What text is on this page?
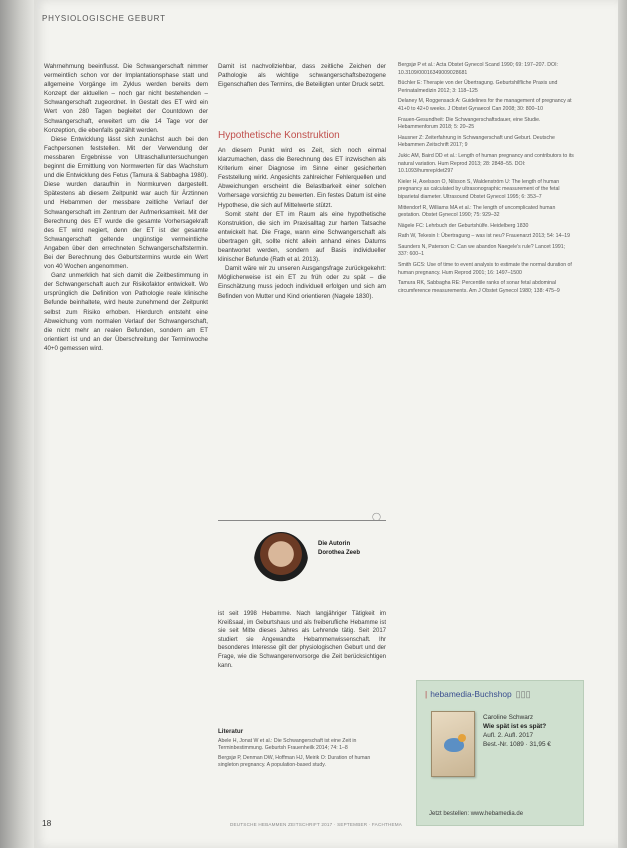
PHYSIOLOGISCHE GEBURT

Wahrnehmung beeinflusst. Die Schwangerschaft nimmer vermeintlich schon vor der Implantationsphase statt und allgemeine Vorgänge im Zyklus werden bereits dem Konzept der aktuellen – noch gar nicht bestehenden – Schwangerschaft zugeordnet. In Gestalt des ET wird ein Wert von 280 Tagen begleitet der Countdown der Schwangerschaft, erweitert um die 14 Tage vor der Konzeption, die ebenfalls gezählt werden.

Diese Entwicklung lässt sich zunächst auch bei den Fachpersonen feststellen. Mit der Verwendung der messbaren Ergebnisse von Ultraschalluntersuchungen beginnt die Ermittlung von Normwerten für das Wachstum und die Entwicklung des Fetus (Tamura & Sabbagha 1980). Diese wurden daraufhin in Normkurven dargestellt. Spätestens ab diesem Zeitpunkt war auch für Ärztinnen und Hebammen der messbare zeitliche Verlauf der Schwangerschaft im Zentrum der Aufmerksamkeit. Mit der Berechnung des ET wurde die gesamte Vorhersagekraft des ET wird negiert, denn der ET ist der gesamte Schwangerschaft geltende ungünstige vermeintliche Angaben über den errechneten Schwangerschaftstermin. Bei der Berechnung des Geburtstermins wurde ein Wert von 40 Wochen angenommen.

Ganz unmerklich hat sich damit die Zeitbestimmung in der Schwangerschaft auch zur Risikofaktor entwickelt. Wo ursprünglich die Definition von Pathologie reale klinische Befunde beinhaltete, wird heute zunehmend der Zeitpunkt selbst zum Risiko erhoben. Hierdurch entsteht eine Abweichung vom normalen Verlauf der Schwangerschaft, die nicht mehr an realen Befunden, sondern am ET orientiert ist und an der Überschreitung der Terminwoche 40+0 gemessen wird.

Damit ist nachvollziehbar, dass zeitliche Zeichen der Pathologie als wichtige schwangerschaftsbezogene Eigenschaften des Termins, die Beteiligten unter Druck setzt.

Hypothetische Konstruktion

An diesem Punkt wird es Zeit, sich noch einmal klarzumachen, dass die Berechnung des ET inzwischen als Kriterium einer Diagnose im Sinne einer gesicherten Feststellung wirkt. Angesichts zahlreicher Fehlerquellen und Abweichungen erscheint die Belastbarkeit einer solchen Vorhersage vorsichtig zu bewerten. Ein festes Datum ist eine Hypothese, die sich auf Mittelwerte stützt.

Somit steht der ET im Raum als eine hypothetische Konstruktion, die sich im Praxisalltag zur harten Tatsache entwickelt hat. Die Frage, wann eine Schwangerschaft als übertragen gilt, sollte nicht allein anhand eines Datums beantwortet werden, sondern auf Basis individueller klinischer Befunde (Rath et al. 2013).

Damit wäre wir zu unseren Ausgangsfrage zurückgekehrt: Möglicherweise ist ein ET zu früh oder zu spät – die Einschätzung muss jedoch individuell erfolgen und sich am Befinden von Mutter und Kind orientieren (Nagele 1830).

◯
Die Autorin
Dorothea Zeeb
ist seit 1998 Hebamme. Nach langjähriger Tätigkeit im Kreißsaal, im Geburtshaus und als freiberufliche Hebamme ist sie seit Mitte dieses Jahres als Lehrende tätig. Seit 2017 studiert sie Angewandte Hebammenwissenschaft. Ihr besonderes Interesse gilt der physiologischen Geburt und der Frage, wie die Schwangerenvorsorge die Zeit berücksichtigen kann.
Literatur

Abele H, Jonat W et al.: Die Schwangerschaft ist eine Zeit in Terminbestimmung. Geburtsh Frauenheilk 2014; 74: 1–8

Bergsjø P, Denman DW, Hoffman HJ, Meirik O: Duration of human singleton pregnancy. A population-based study.

Bergsjø P et al.: Acta Obstet Gynecol Scand 1990; 69: 197–207. DOI: 10.3109/00016349009028681

Büchler E: Therapie von der Übertragung. Geburtshilfliche Praxis und Perinatalmedizin 2012; 3: 118–125

Delaney M, Roggensack A: Guidelines for the management of pregnancy at 41+0 to 42+0 weeks. J Obstet Gynaecol Can 2008; 30: 800–10

Frauen-Gesundheit: Die Schwangerschaftsdauer, eine Studie. Hebammenforum 2018; 5: 20–25

Hausner Z: Zeiterfahrung in Schwangerschaft und Geburt. Deutsche Hebammen Zeitschrift 2017; 9

Jukic AM, Baird DD et al.: Length of human pregnancy and contributors to its natural variation. Hum Reprod 2013; 28: 2848–55. DOI: 10.1093/humrep/det297

Kieler H, Axelsson O, Nilsson S, Waldenström U: The length of human pregnancy as calculated by ultrasonographic measurement of the fetal biparietal diameter. Ultrasound Obstet Gynecol 1995; 6: 353–7

Mittendorf R, Williams MA et al.: The length of uncomplicated human gestation. Obstet Gynecol 1990; 75: 929–32

Nägele FC: Lehrbuch der Geburtshülfe. Heidelberg 1830

Rath W, Tekesin I: Übertragung – was ist neu? Frauenarzt 2013; 54: 14–19

Saunders N, Paterson C: Can we abandon Naegele's rule? Lancet 1991; 337: 600–1

Smith GCS: Use of time to event analysis to estimate the normal duration of human pregnancy. Hum Reprod 2001; 16: 1497–1500

Tamura RK, Sabbagha RE: Percentile ranks of sonar fetal abdominal circumference measurements. Am J Obstet Gynecol 1980; 138: 475–9

| hebamedia-Buchshop ▯▯▯
Caroline Schwarz
Wie spät ist es spät?
Aufl. 2. Aufl. 2017
Best.-Nr. 1089 · 31,95 €
Jetzt bestellen: www.hebamedia.de
18	DEUTSCHE HEBAMMEN ZEITSCHRIFT 2017 · SEPTEMBER · FACHTHEMA
